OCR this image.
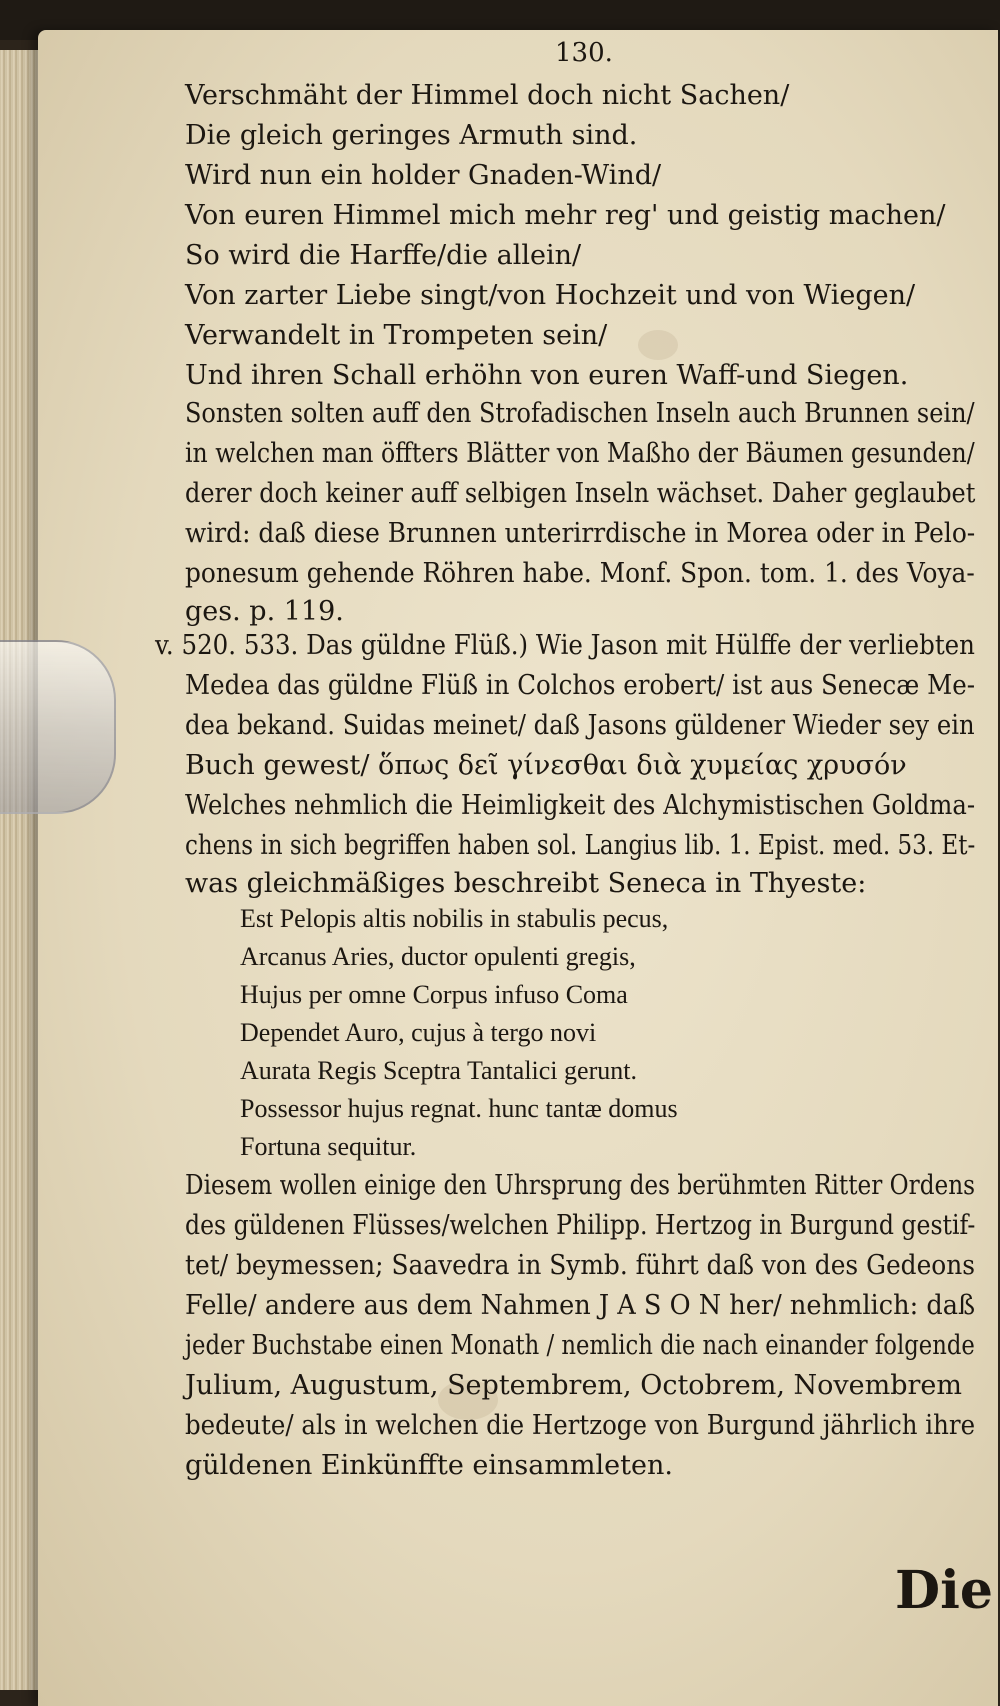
130.
Verschmäht der Himmel doch nicht Sachen/
Die gleich geringes Armuth sind.
Wird nun ein holder Gnaden-Wind/
Von euren Himmel mich mehr reg' und geistig machen/
So wird die Harffe/die allein/
Von zarter Liebe singt/von Hochzeit und von Wiegen/
Verwandelt in Trompeten sein/
Und ihren Schall erhöhn von euren Waff-und Siegen.
Sonsten solten auff den Strofadischen Inseln auch Brunnen sein/
in welchen man öffters Blätter von Maßho der Bäumen gesunden/
derer doch keiner auff selbigen Inseln wächset. Daher geglaubet
wird: daß diese Brunnen unterirrdische in Morea oder in Pelo-
ponesum gehende Röhren habe. Monf. Spon. tom. 1. des Voya-
ges. p. 119.
v. 520. 533. Das güldne Flüß.) Wie Jason mit Hülffe der verliebten
Medea das güldne Flüß in Colchos erobert/ ist aus Senecæ Me-
dea bekand. Suidas meinet/ daß Jasons güldener Wieder sey ein
Buch gewest/ ὅπως δεῖ γίνεσθαι διὰ χυμείας χρυσόν
Welches nehmlich die Heimligkeit des Alchymistischen Goldma-
chens in sich begriffen haben sol. Langius lib. 1. Epist. med. 53. Et-
was gleichmäßiges beschreibt Seneca in Thyeste:
Est Pelopis altis nobilis in stabulis pecus,
Arcanus Aries, ductor opulenti gregis,
Hujus per omne Corpus infuso Coma
Dependet Auro, cujus à tergo novi
Aurata Regis Sceptra Tantalici gerunt.
Possessor hujus regnat. hunc tantæ domus
Fortuna sequitur.
Diesem wollen einige den Uhrsprung des berühmten Ritter Ordens
des güldenen Flüsses/welchen Philipp. Hertzog in Burgund gestif-
tet/ beymessen; Saavedra in Symb. führt daß von des Gedeons
Felle/ andere aus dem Nahmen J A S O N her/ nehmlich: daß
jeder Buchstabe einen Monath / nemlich die nach einander folgende
Julium, Augustum, Septembrem, Octobrem, Novembrem
bedeute/ als in welchen die Hertzoge von Burgund jährlich ihre
güldenen Einkünffte einsammleten.
Die
